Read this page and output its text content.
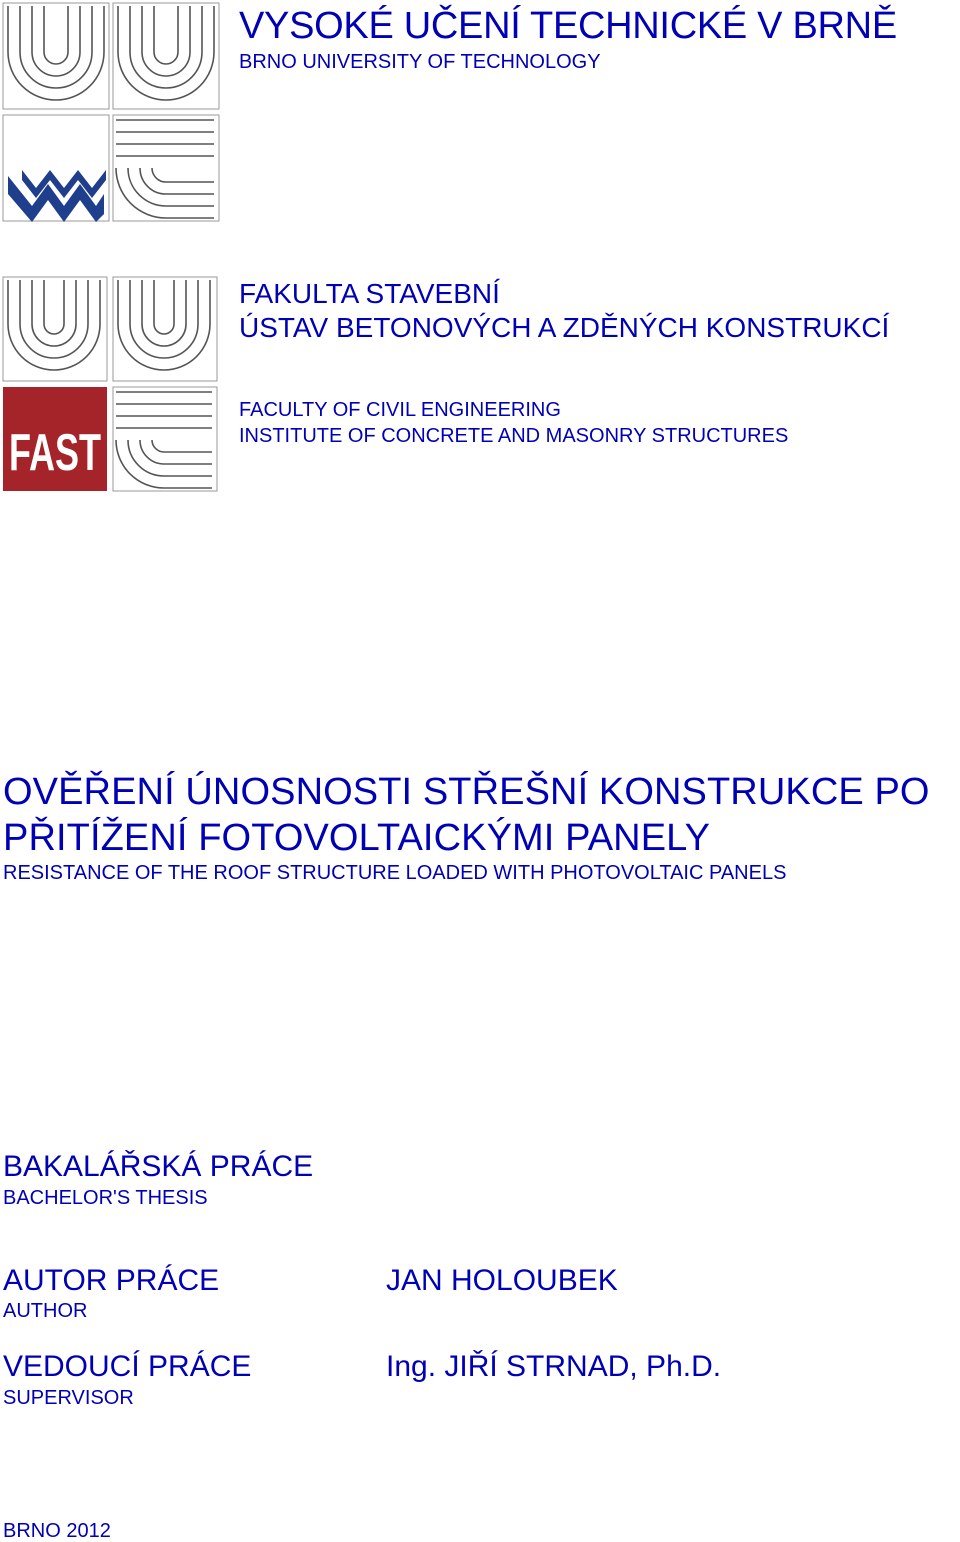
VYSOKÉ UČENÍ TECHNICKÉ V BRNĚ
BRNO UNIVERSITY OF TECHNOLOGY
FAST
FAKULTA STAVEBNÍ
ÚSTAV BETONOVÝCH A ZDĚNÝCH KONSTRUKCÍ
FACULTY OF CIVIL ENGINEERING
INSTITUTE OF CONCRETE AND MASONRY STRUCTURES
OVĚŘENÍ ÚNOSNOSTI STŘEŠNÍ KONSTRUKCE PO
PŘITÍŽENÍ FOTOVOLTAICKÝMI PANELY
RESISTANCE OF THE ROOF STRUCTURE LOADED WITH PHOTOVOLTAIC PANELS
BAKALÁŘSKÁ PRÁCE
BACHELOR'S THESIS
AUTOR PRÁCE
AUTHOR
JAN HOLOUBEK
VEDOUCÍ PRÁCE
SUPERVISOR
Ing. JIŘÍ STRNAD, Ph.D.
BRNO 2012
